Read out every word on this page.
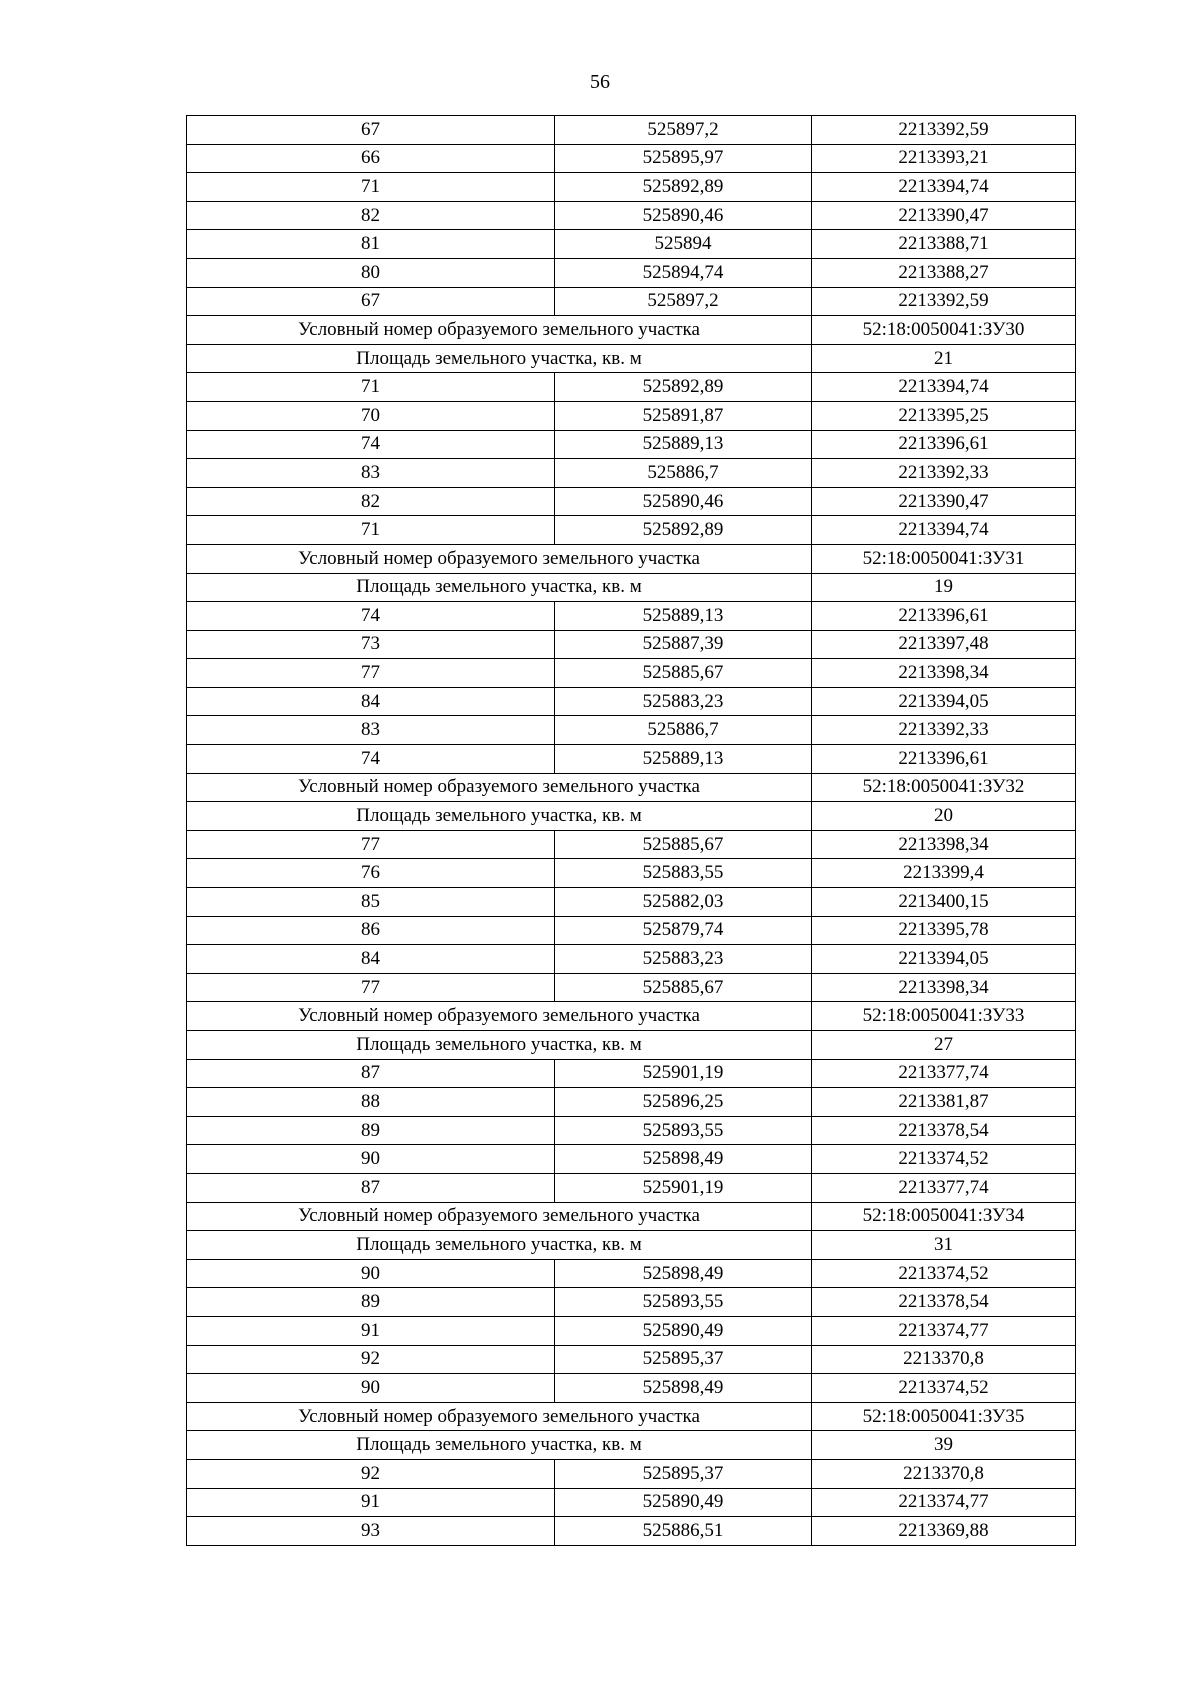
56
67	525897,2	2213392,59
66	525895,97	2213393,21
71	525892,89	2213394,74
82	525890,46	2213390,47
81	525894	2213388,71
80	525894,74	2213388,27
67	525897,2	2213392,59
Условный номер образуемого земельного участка		52:18:0050041:ЗУ30
Площадь земельного участка, кв. м		21
71	525892,89	2213394,74
70	525891,87	2213395,25
74	525889,13	2213396,61
83	525886,7	2213392,33
82	525890,46	2213390,47
71	525892,89	2213394,74
Условный номер образуемого земельного участка		52:18:0050041:ЗУ31
Площадь земельного участка, кв. м		19
74	525889,13	2213396,61
73	525887,39	2213397,48
77	525885,67	2213398,34
84	525883,23	2213394,05
83	525886,7	2213392,33
74	525889,13	2213396,61
Условный номер образуемого земельного участка		52:18:0050041:ЗУ32
Площадь земельного участка, кв. м		20
77	525885,67	2213398,34
76	525883,55	2213399,4
85	525882,03	2213400,15
86	525879,74	2213395,78
84	525883,23	2213394,05
77	525885,67	2213398,34
Условный номер образуемого земельного участка		52:18:0050041:ЗУ33
Площадь земельного участка, кв. м		27
87	525901,19	2213377,74
88	525896,25	2213381,87
89	525893,55	2213378,54
90	525898,49	2213374,52
87	525901,19	2213377,74
Условный номер образуемого земельного участка		52:18:0050041:ЗУ34
Площадь земельного участка, кв. м		31
90	525898,49	2213374,52
89	525893,55	2213378,54
91	525890,49	2213374,77
92	525895,37	2213370,8
90	525898,49	2213374,52
Условный номер образуемого земельного участка		52:18:0050041:ЗУ35
Площадь земельного участка, кв. м		39
92	525895,37	2213370,8
91	525890,49	2213374,77
93	525886,51	2213369,88
